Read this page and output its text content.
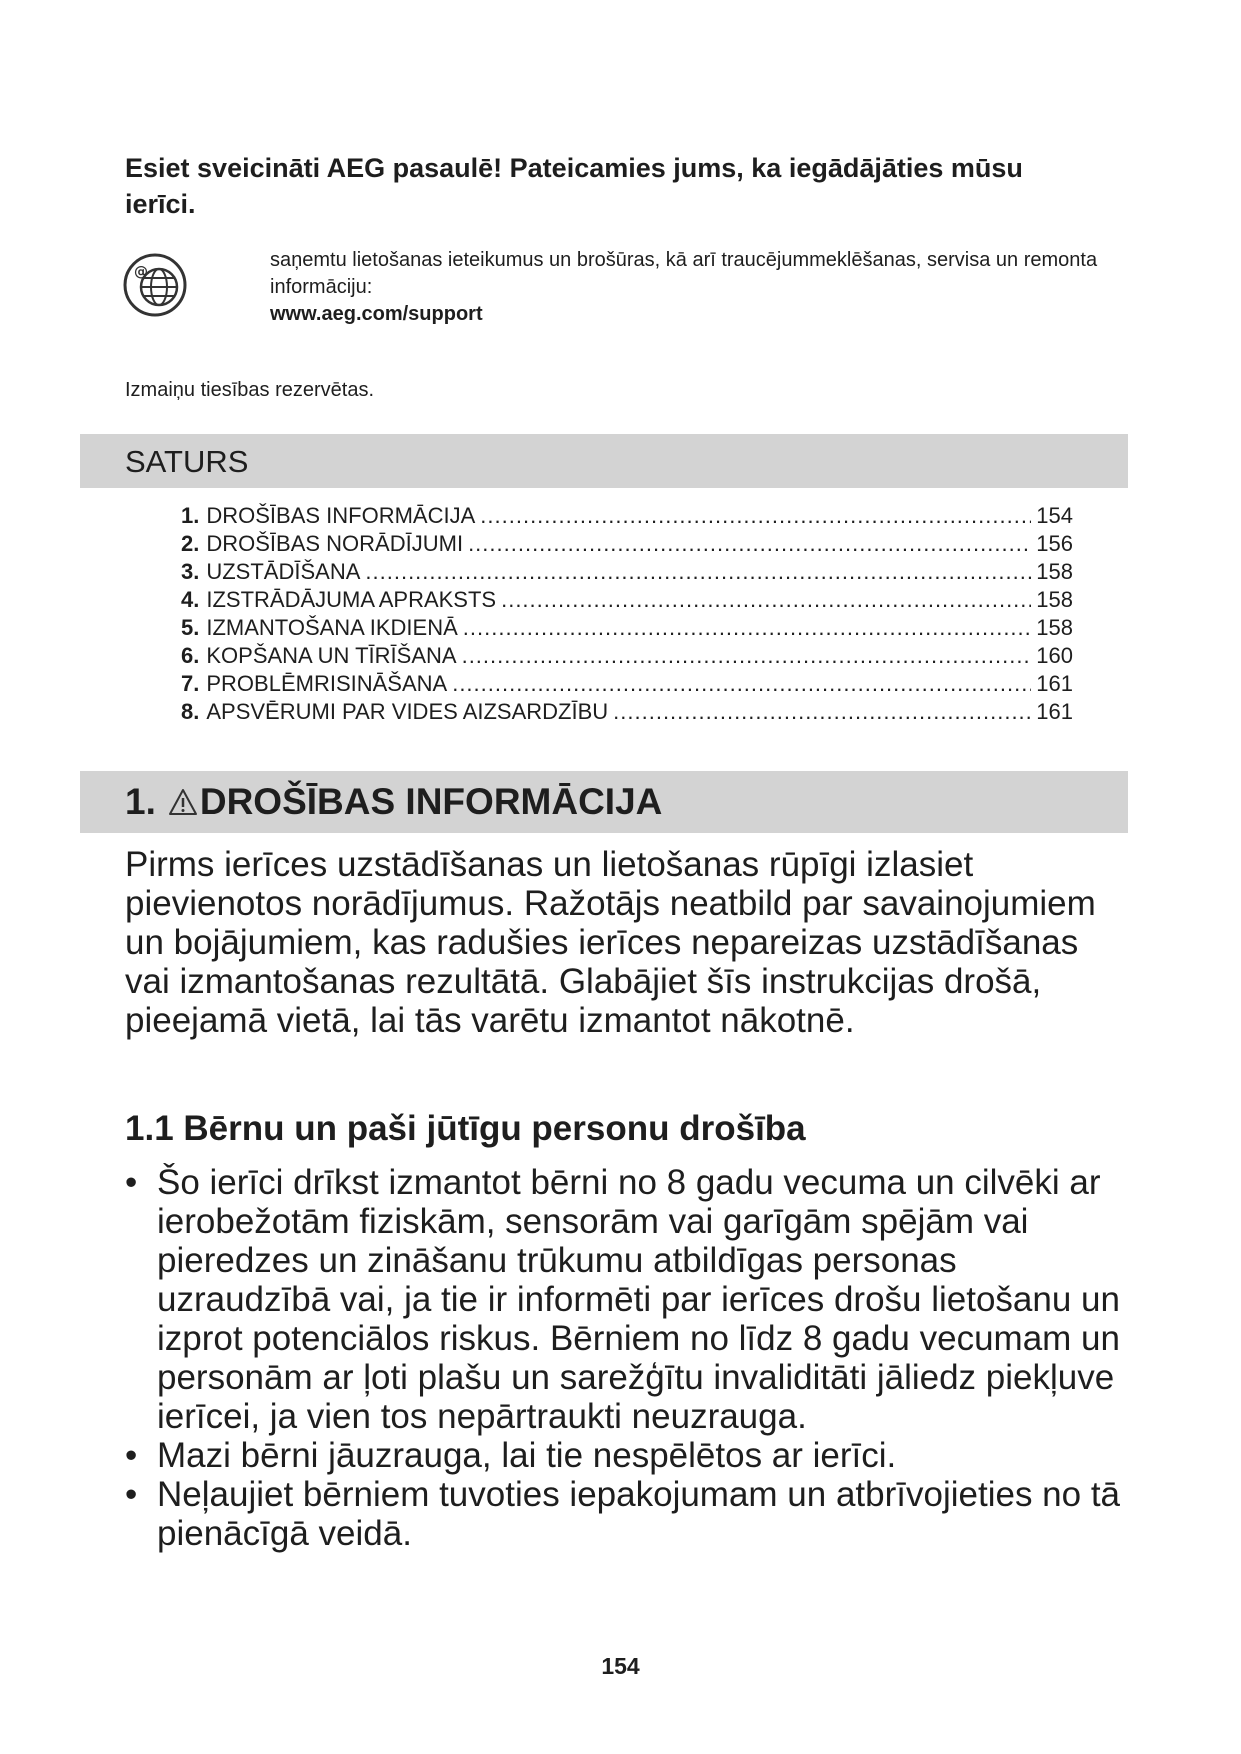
Esiet sveicināti AEG pasaulē! Pateicamies jums, ka iegādājāties mūsu ierīci.
@

saņemtu lietošanas ieteikumus un brošūras, kā arī traucējummeklēšanas, servisa un remonta informāciju:
www.aeg.com/support

Izmaiņu tiesības rezervētas.

SATURS
1. DROŠĪBAS INFORMĀCIJA .....	154
2. DROŠĪBAS NORĀDĪJUMI .....	156
3. UZSTĀDĪŠANA .....	158
4. IZSTRĀDĀJUMA APRAKSTS .....	158
5. IZMANTOŠANA IKDIENĀ .....	158
6. KOPŠANA UN TĪRĪŠANA .....	160
7. PROBLĒMRISINĀŠANA .....	161
8. APSVĒRUMI PAR VIDES AIZSARDZĪBU .....	161
1. DROŠĪBAS INFORMĀCIJA

Pirms ierīces uzstādīšanas un lietošanas rūpīgi izlasiet pievienotos norādījumus. Ražotājs neatbild par savainojumiem un bojājumiem, kas radušies ierīces nepareizas uzstādīšanas vai izmantošanas rezultātā. Glabājiet šīs instrukcijas drošā, pieejamā vietā, lai tās varētu izmantot nākotnē.

1.1 Bērnu un paši jūtīgu personu drošība
• Šo ierīci drīkst izmantot bērni no 8 gadu vecuma un cilvēki ar ierobežotām fiziskām, sensorām vai garīgām spējām vai pieredzes un zināšanu trūkumu atbildīgas personas uzraudzībā vai, ja tie ir informēti par ierīces drošu lietošanu un izprot potenciālos riskus. Bērniem no līdz 8 gadu vecumam un personām ar ļoti plašu un sarežģītu invaliditāti jāliedz piekļuve ierīcei, ja vien tos nepārtraukti neuzrauga.
• Mazi bērni jāuzrauga, lai tie nespēlētos ar ierīci.
• Neļaujiet bērniem tuvoties iepakojumam un atbrīvojieties no tā pienācīgā veidā.

154
